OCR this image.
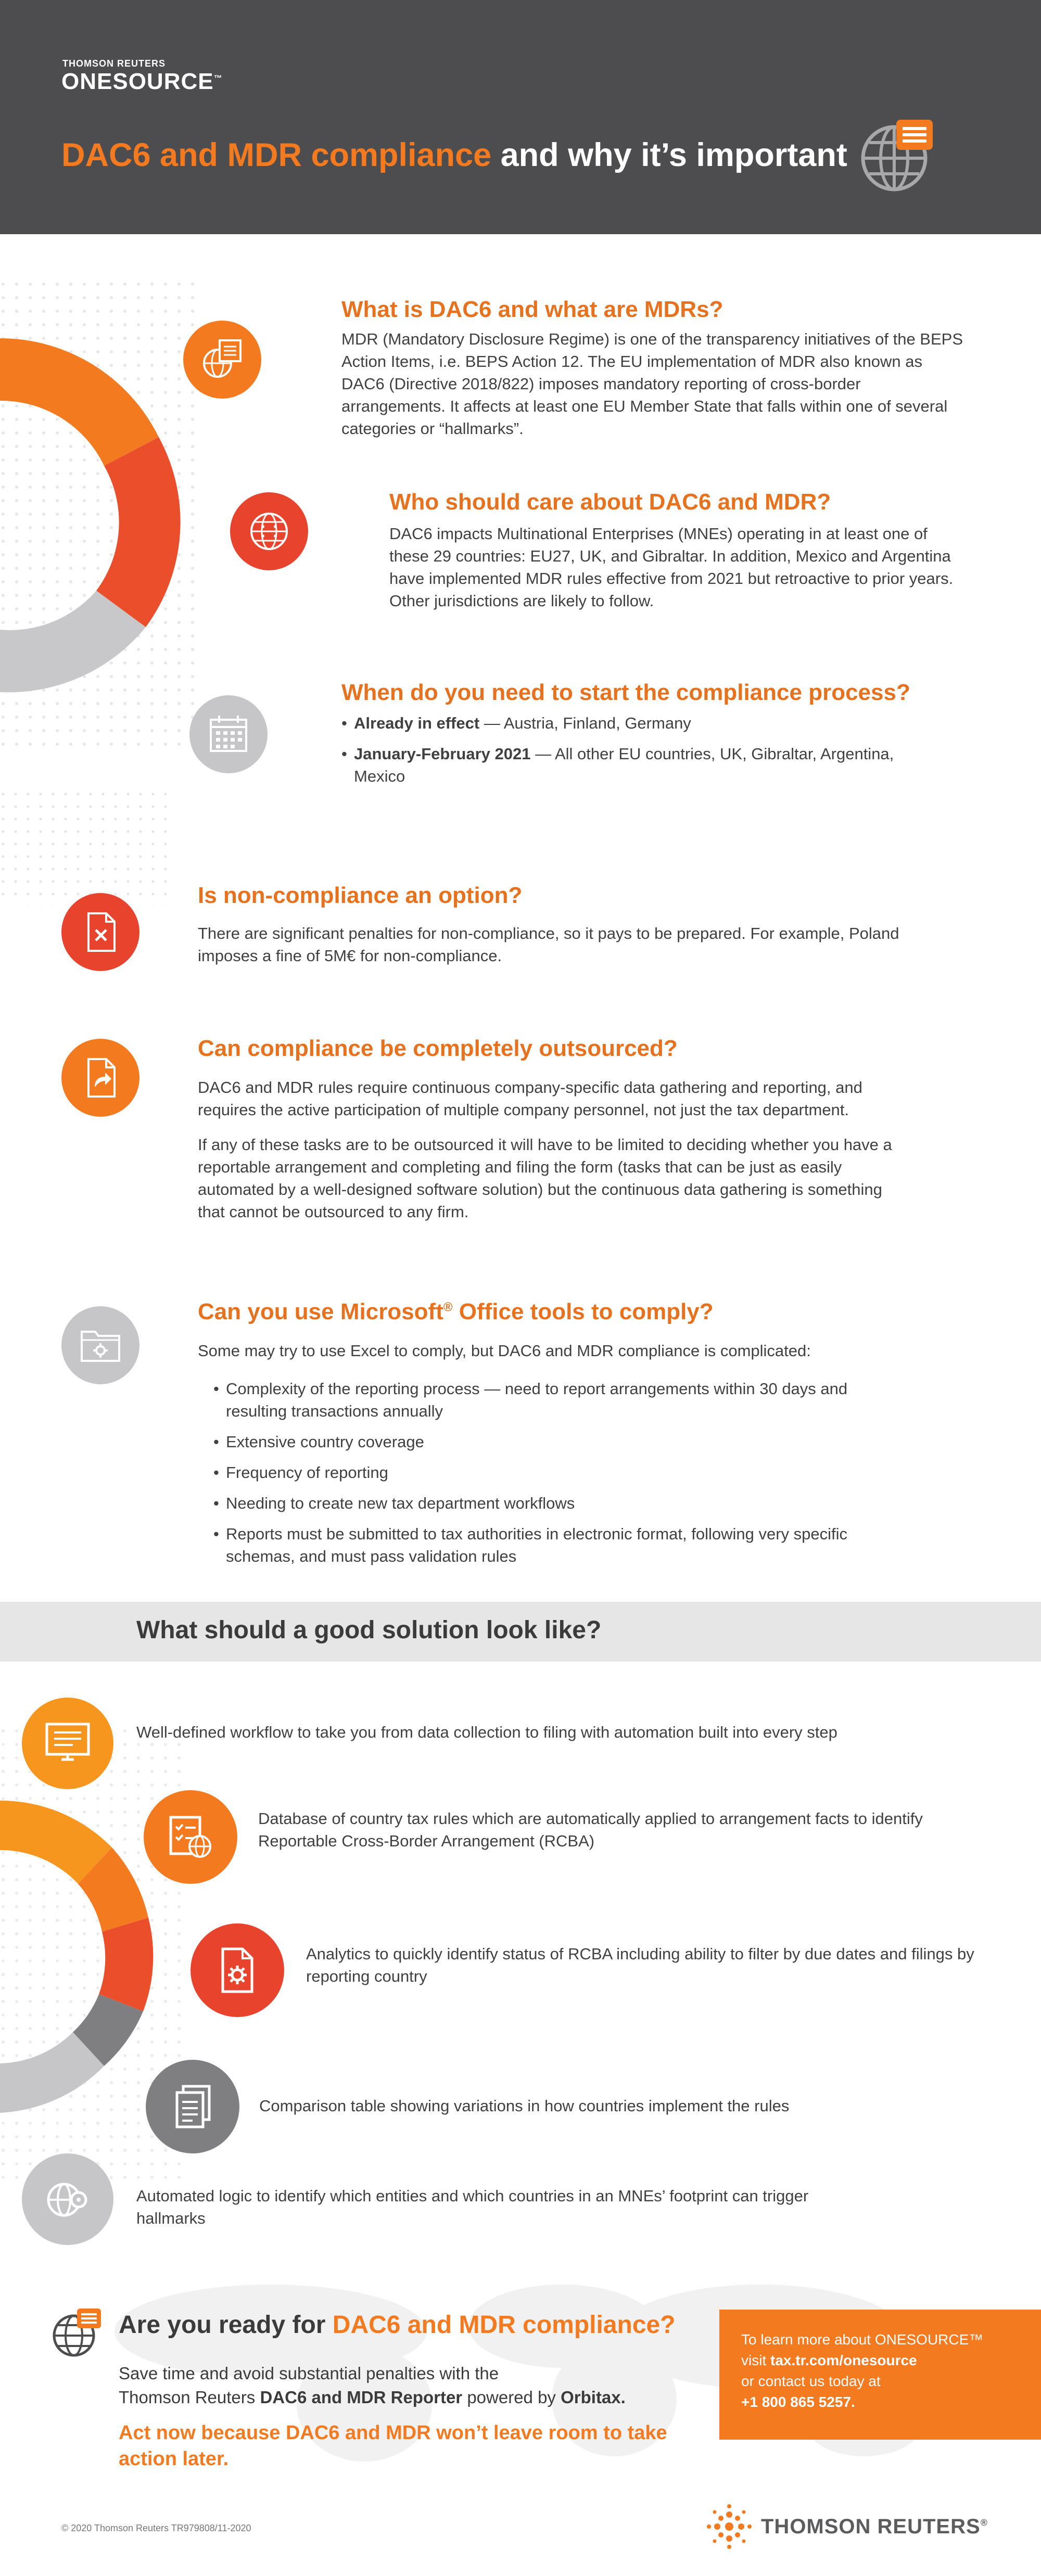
THOMSON REUTERS
ONESOURCE™
DAC6 and MDR compliance and why it’s important
What is DAC6 and what are MDRs?
MDR (Mandatory Disclosure Regime) is one of the transparency initiatives of the BEPS Action Items, i.e. BEPS Action 12. The EU implementation of MDR also known as DAC6 (Directive 2018/822) imposes mandatory reporting of cross-border arrangements. It affects at least one EU Member State that falls within one of several categories or “hallmarks”.
Who should care about DAC6 and MDR?
DAC6 impacts Multinational Enterprises (MNEs) operating in at least one of these 29 countries: EU27, UK, and Gibraltar. In addition, Mexico and Argentina have implemented MDR rules effective from 2021 but retroactive to prior years. Other jurisdictions are likely to follow.
When do you need to start the compliance process?
• Already in effect — Austria, Finland, Germany
• January-February 2021 — All other EU countries, UK, Gibraltar, Argentina, Mexico
Is non-compliance an option?
There are significant penalties for non-compliance, so it pays to be prepared. For example, Poland imposes a fine of 5M€ for non-compliance.
Can compliance be completely outsourced?

DAC6 and MDR rules require continuous company-specific data gathering and reporting, and requires the active participation of multiple company personnel, not just the tax department.

If any of these tasks are to be outsourced it will have to be limited to deciding whether you have a reportable arrangement and completing and filing the form (tasks that can be just as easily automated by a well-designed software solution) but the continuous data gathering is something that cannot be outsourced to any firm.

Can you use Microsoft® Office tools to comply?

Some may try to use Excel to comply, but DAC6 and MDR compliance is complicated:

• Complexity of the reporting process — need to report arrangements within 30 days and resulting transactions annually
• Extensive country coverage
• Frequency of reporting
• Needing to create new tax department workflows
• Reports must be submitted to tax authorities in electronic format, following very specific schemas, and must pass validation rules
What should a good solution look like?
Well-defined workflow to take you from data collection to filing with automation built into every step
Database of country tax rules which are automatically applied to arrangement facts to identify Reportable Cross-Border Arrangement (RCBA)
Analytics to quickly identify status of RCBA including ability to filter by due dates and filings by reporting country
Comparison table showing variations in how countries implement the rules
Automated logic to identify which entities and which countries in an MNEs’ footprint can trigger hallmarks
Are you ready for DAC6 and MDR compliance?
Save time and avoid substantial penalties with the
Thomson Reuters DAC6 and MDR Reporter powered by Orbitax.
Act now because DAC6 and MDR won’t leave room to take action later.
To learn more about ONESOURCE™
visit tax.tr.com/onesource
or contact us today at
+1 800 865 5257.
© 2020 Thomson Reuters TR979808/11-2020	THOMSON REUTERS®
